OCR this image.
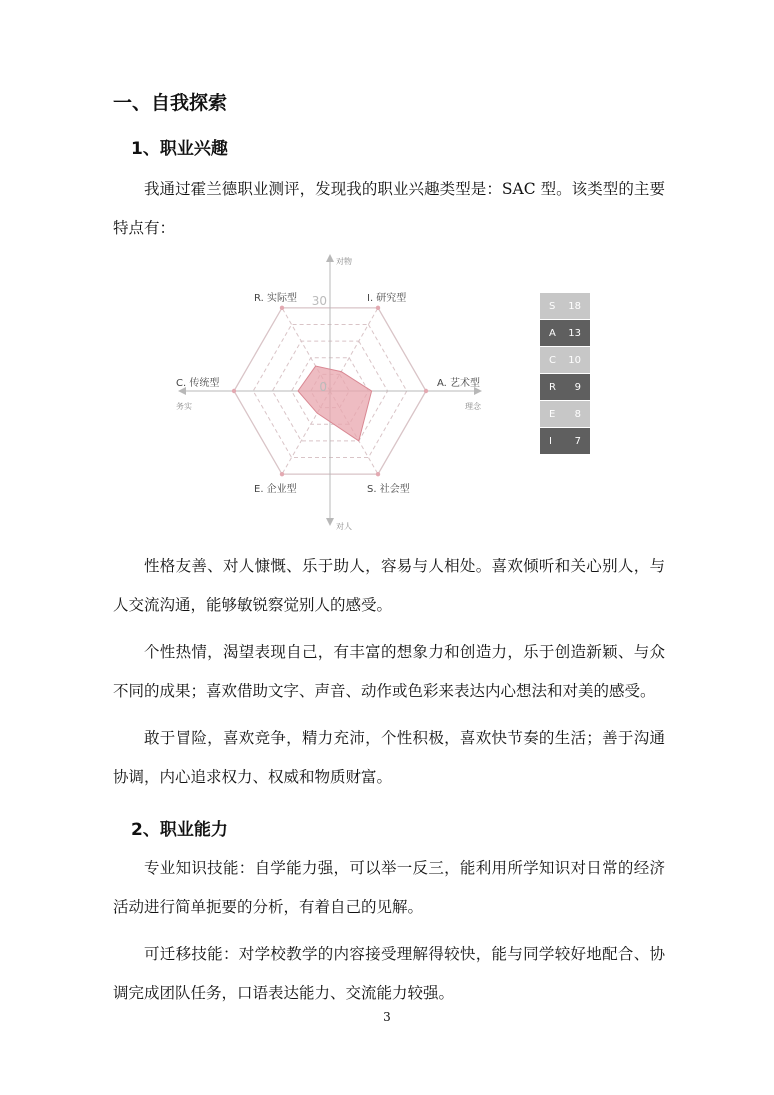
一、自我探索
1、职业兴趣

我通过霍兰德职业测评，发现我的职业兴趣类型是：SAC 型。该类型的主要特点有：

I. 研究型
A. 艺术型
S. 社会型
E. 企业型
C. 传统型
R. 实际型
对物
对人
务实	理念
30
0
S 18
A 13
C 10
R 9
E 8
I 7

性格友善、对人慷慨、乐于助人，容易与人相处。喜欢倾听和关心别人，与人交流沟通，能够敏锐察觉别人的感受。

个性热情，渴望表现自己，有丰富的想象力和创造力，乐于创造新颖、与众不同的成果；喜欢借助文字、声音、动作或色彩来表达内心想法和对美的感受。

敢于冒险，喜欢竞争，精力充沛，个性积极，喜欢快节奏的生活；善于沟通协调，内心追求权力、权威和物质财富。

2、职业能力

专业知识技能：自学能力强，可以举一反三，能利用所学知识对日常的经济活动进行简单扼要的分析，有着自己的见解。

可迁移技能：对学校教学的内容接受理解得较快，能与同学较好地配合、协调完成团队任务，口语表达能力、交流能力较强。

3
